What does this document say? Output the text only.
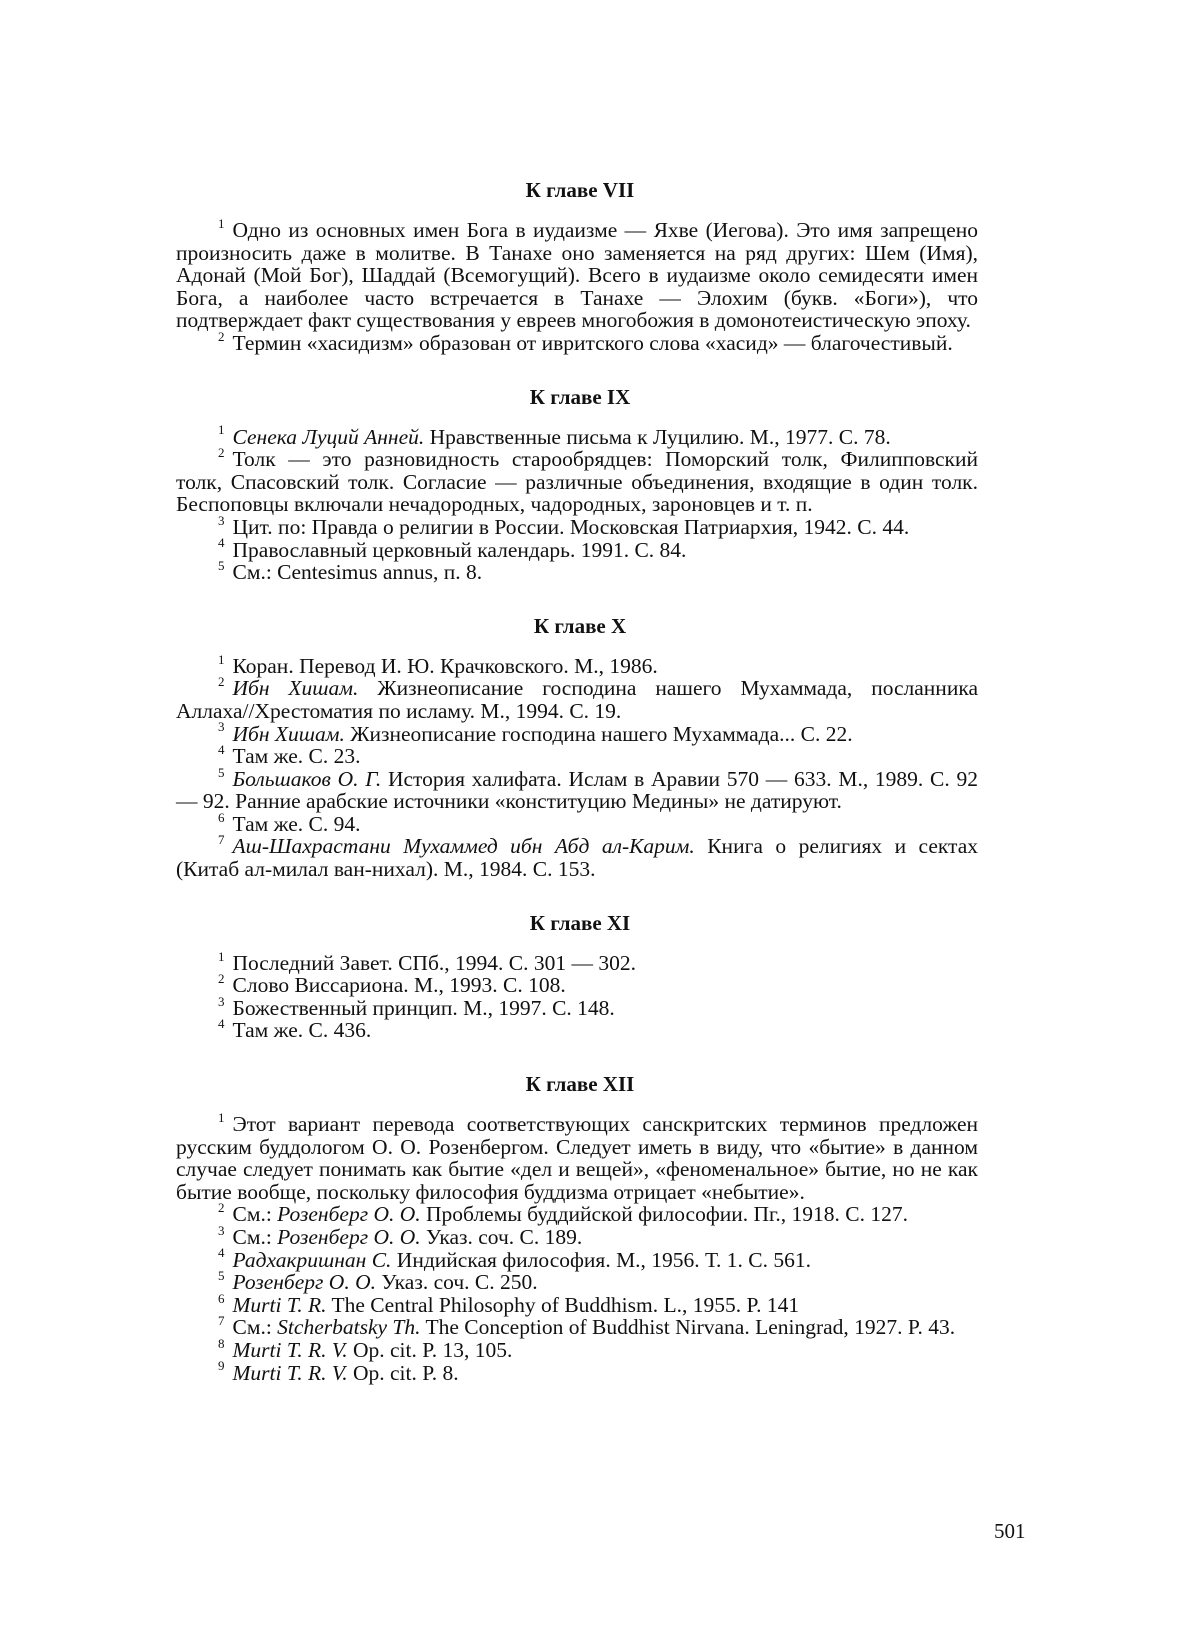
К главе VII

$^1$ Одно из основных имен Бога в иудаизме — Яхве (Иегова). Это имя запрещено произносить даже в молитве. В Танахе оно заменяется на ряд других: Шем (Имя), Адонай (Мой Бог), Шаддай (Всемогущий). Всего в иудаизме около семидесяти имен Бога, а наиболее часто встречается в Танахе — Элохим (букв. «Боги»), что подтверждает факт существования у евреев многобожия в домонотеистическую эпоху.

$^2$ Термин «хасидизм» образован от ивритского слова «хасид» — благочестивый.

К главе IX

$^1$ Сенека Луций Анней. Нравственные письма к Луцилию. М., 1977. С. 78.

$^2$ Толк — это разновидность старообрядцев: Поморский толк, Филипповский толк, Спасовский толк. Согласие — различные объединения, входящие в один толк. Беспоповцы включали нечадородных, чадородных, зароновцев и т. п.

$^3$ Цит. по: Правда о религии в России. Московская Патриархия, 1942. С. 44.

$^4$ Православный церковный календарь. 1991. С. 84.

$^5$ См.: Centesimus annus, п. 8.

К главе X

$^1$ Коран. Перевод И. Ю. Крачковского. М., 1986.

$^2$ Ибн Хишам. Жизнеописание господина нашего Мухаммада, посланника Аллаха//Хрестоматия по исламу. М., 1994. С. 19.

$^3$ Ибн Хишам. Жизнеописание господина нашего Мухаммада... С. 22.

$^4$ Там же. С. 23.

$^5$ Большаков О. Г. История халифата. Ислам в Аравии 570 — 633. М., 1989. С. 92 — 92. Ранние арабские источники «конституцию Медины» не датируют.

$^6$ Там же. С. 94.

$^7$ Аш-Шахрастани Мухаммед ибн Абд ал-Карим. Книга о религиях и сектах (Китаб ал-милал ван-нихал). М., 1984. С. 153.

К главе XI

$^1$ Последний Завет. СПб., 1994. С. 301 — 302.

$^2$ Слово Виссариона. М., 1993. С. 108.

$^3$ Божественный принцип. М., 1997. С. 148.

$^4$ Там же. С. 436.

К главе XII

$^1$ Этот вариант перевода соответствующих санскритских терминов предложен русским буддологом О. О. Розенбергом. Следует иметь в виду, что «бытие» в данном случае следует понимать как бытие «дел и вещей», «феноменальное» бытие, но не как бытие вообще, поскольку философия буддизма отрицает «небытие».

$^2$ См.: Розенберг О. О. Проблемы буддийской философии. Пг., 1918. С. 127.

$^3$ См.: Розенберг О. О. Указ. соч. С. 189.

$^4$ Радхакришнан С. Индийская философия. М., 1956. Т. 1. С. 561.

$^5$ Розенберг О. О. Указ. соч. С. 250.

$^6$ Murti T. R. The Central Philosophy of Buddhism. L., 1955. P. 141

$^7$ См.: Stcherbatsky Th. The Conception of Buddhist Nirvana. Leningrad, 1927. P. 43.

$^8$ Murti T. R. V. Op. cit. P. 13, 105.

$^9$ Murti T. R. V. Op. cit. P. 8.

501
